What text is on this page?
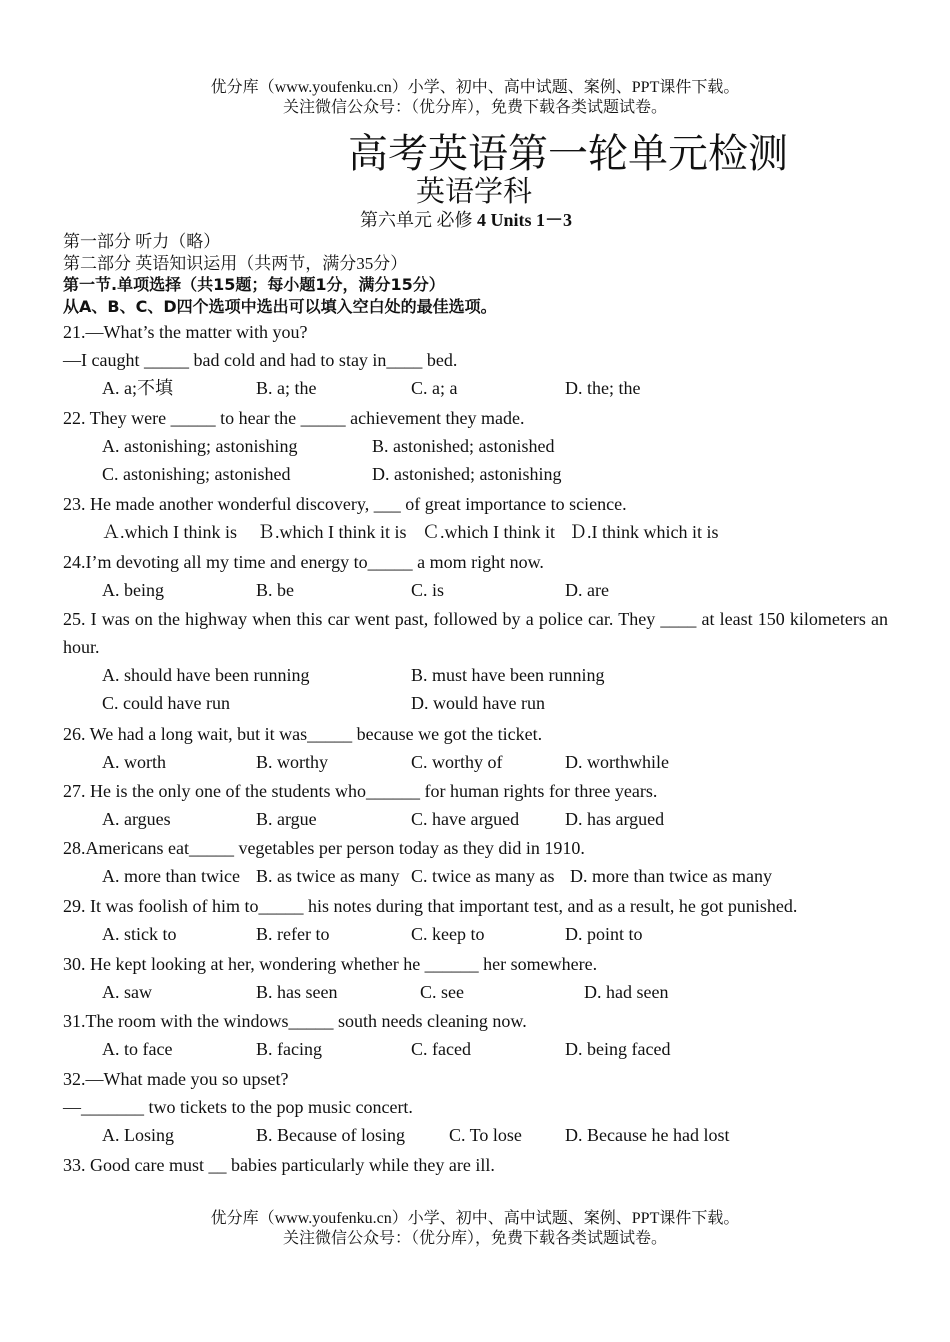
优分库（www.youfenku.cn）小学、初中、高中试题、案例、PPT课件下载。
关注微信公众号：（优分库），免费下载各类试题试卷。
高考英语第一轮单元检测
英语学科
第六单元 必修 4 Units 1－3
第一部分 听力（略）
第二部分 英语知识运用（共两节，满分35分）
第一节.单项选择（共15题；每小题1分，满分15分）
从A、B、C、D四个选项中选出可以填入空白处的最佳选项。
21.—What’s the matter with you?
—I caught _____ bad cold and had to stay in____ bed.
A. a;不填	B. a; the	C. a; a	D. the; the
22. They were _____ to hear the _____ achievement they made.
A. astonishing; astonishing	B. astonished; astonished
C. astonishing; astonished	D. astonished; astonishing
23. He made another wonderful discovery, ___ of great importance to science.
Ａ.which I think is Ｂ.which I think it is Ｃ.which I think it Ｄ.I think which it is
24.I’m devoting all my time and energy to_____ a mom right now.
A. being	B. be	C. is	D. are
25. I was on the highway when this car went past, followed by a police car. They ____ at least 150 kilometers an hour.
A. should have been running	B. must have been running
C. could have run	D. would have run
26. We had a long wait, but it was_____ because we got the ticket.
A. worth	B. worthy	C. worthy of	D. worthwhile
27. He is the only one of the students who______ for human rights for three years.
A. argues	B. argue	C. have argued	D. has argued
28.Americans eat_____ vegetables per person today as they did in 1910.
A. more than twice B. as twice as many C. twice as many as D. more than twice as many
29. It was foolish of him to_____ his notes during that important test, and as a result, he got punished.
A. stick to	B. refer to	C. keep to	D. point to
30. He kept looking at her, wondering whether he ______ her somewhere.
A. saw	B. has seen	C. see	D. had seen
31.The room with the windows_____ south needs cleaning now.
A. to face	B. facing	C. faced	D. being faced
32.—What made you so upset?
—_______ two tickets to the pop music concert.
A. Losing	B. Because of losing C. To lose D. Because he had lost
33. Good care must __ babies particularly while they are ill.
优分库（www.youfenku.cn）小学、初中、高中试题、案例、PPT课件下载。
关注微信公众号：（优分库），免费下载各类试题试卷。
